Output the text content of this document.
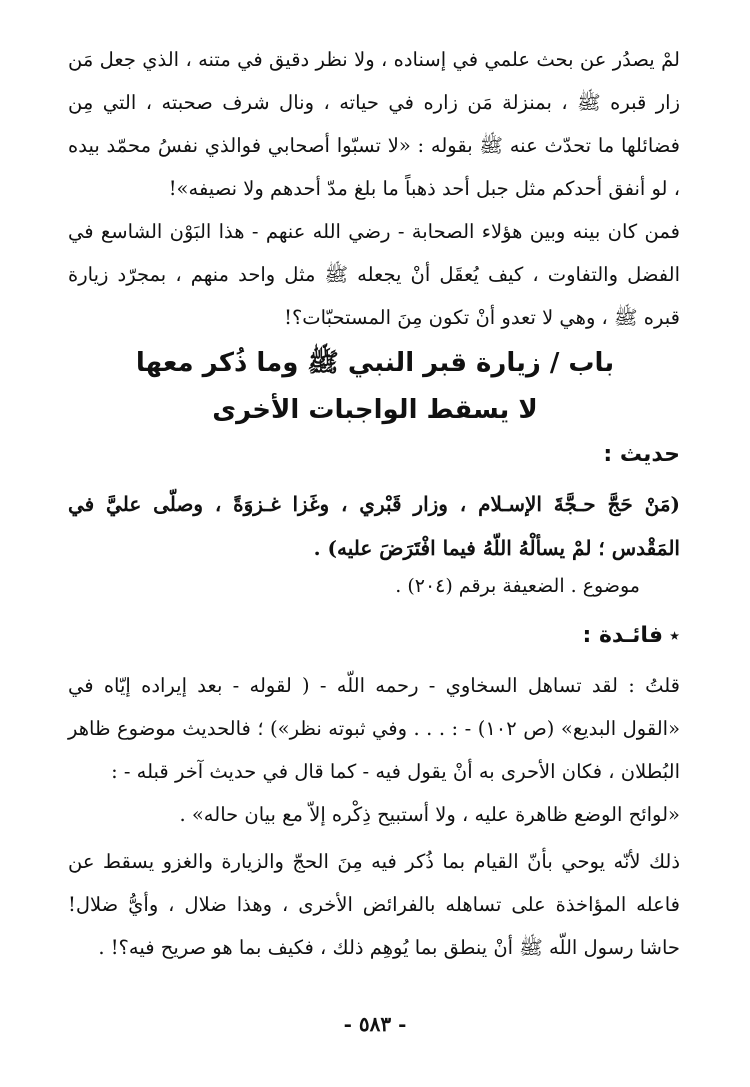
لمْ يصدُر عن بحث علمي في إسناده ، ولا نظر دقيق في متنه ، الذي جعل مَن زار قبره ﷺ ، بمنزلة مَن زاره في حياته ، ونال شرف صحبته ، التي مِن فضائلها ما تحدّث عنه ﷺ بقوله : «لا تسبّوا أصحابي فوالذي نفسُ محمّد بيده ، لو أنفق أحدكم مثل جبل أحد ذهباً ما بلغ مدّ أحدهم ولا نصيفه»!

فمن كان بينه وبين هؤلاء الصحابة - رضي الله عنهم - هذا البَوْن الشاسع في الفضل والتفاوت ، كيف يُعقَل أنْ يجعله ﷺ مثل واحد منهم ، بمجرّد زيارة قبره ﷺ ، وهي لا تعدو أنْ تكون مِنَ المستحبّات؟!

باب / زيارة قبر النبي ﷺ وما ذُكر معها
لا يسقط الواجبات الأخرى
حديث :
(مَنْ حَجَّ حـجَّةَ الإسـلام ، وزار قَبْري ، وغَزا غـزوَةً ، وصلّى عليَّ في المَقْدس ؛ لمْ يسألْهُ اللّهُ فيما افْتَرَضَ عليه) .
موضوع . الضعيفة برقم (٢٠٤) .
٭فائـدة :

قلتُ : لقد تساهل السخاوي - رحمه اللّه - ( لقوله - بعد إيراده إيّاه في «القول البديع» (ص ١٠٢) - : . . . وفي ثبوته نظر») ؛ فالحديث موضوع ظاهر البُطلان ، فكان الأحرى به أنْ يقول فيه - كما قال في حديث آخر قبله - :

«لوائح الوضع ظاهرة عليه ، ولا أستبيح ذِكْره إلاّ مع بيان حاله» .

ذلك لأنّه يوحي بأنّ القيام بما ذُكر فيه مِنَ الحجّ والزيارة والغزو يسقط عن فاعله المؤاخذة على تساهله بالفرائض الأخرى ، وهذا ضلال ، وأيُّ ضلال! حاشا رسول اللّه ﷺ أنْ ينطق بما يُوهِم ذلك ، فكيف بما هو صريح فيه؟! .

- ٥٨٣ -
